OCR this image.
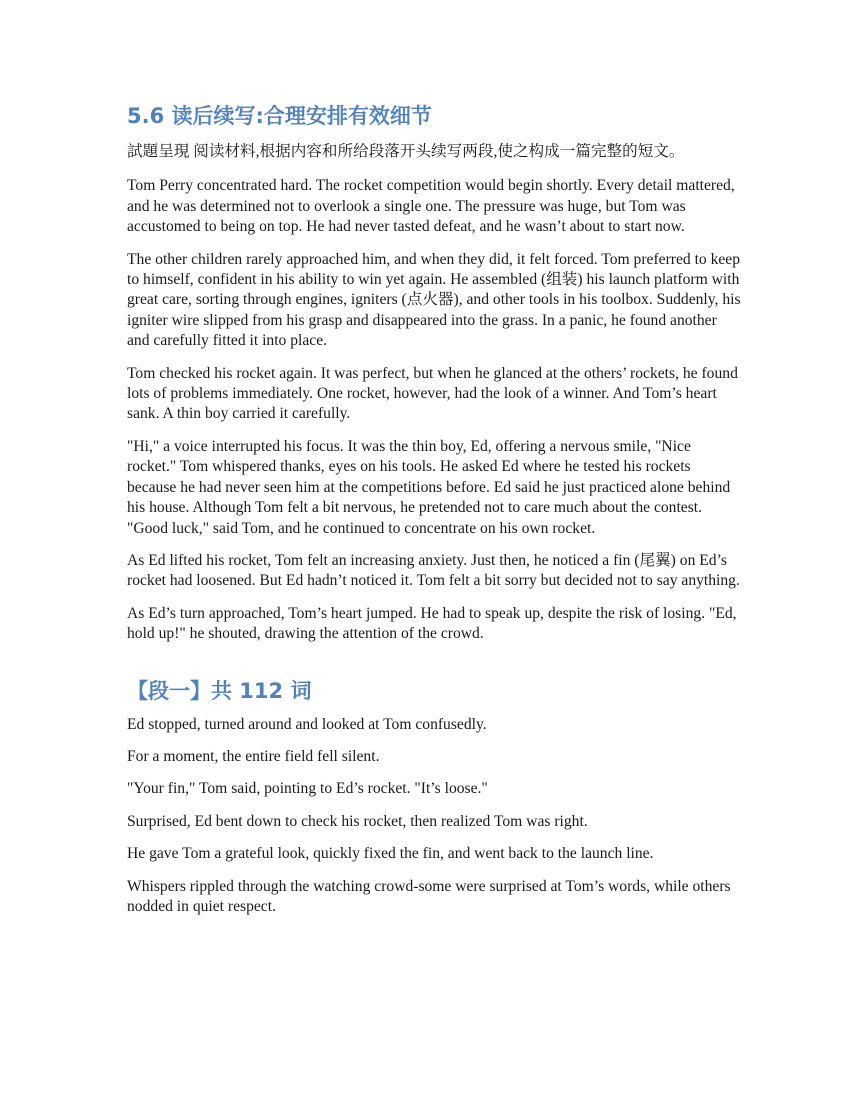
5.6 读后续写:合理安排有效细节

試題呈現 阅读材料,根据内容和所给段落开头续写两段,使之构成一篇完整的短文。

Tom Perry concentrated hard. The rocket competition would begin shortly. Every detail mattered, and he was determined not to overlook a single one. The pressure was huge, but Tom was accustomed to being on top. He had never tasted defeat, and he wasn’t about to start now.

The other children rarely approached him, and when they did, it felt forced. Tom preferred to keep to himself, confident in his ability to win yet again. He assembled (组装) his launch platform with great care, sorting through engines, igniters (点火器), and other tools in his toolbox. Suddenly, his igniter wire slipped from his grasp and disappeared into the grass. In a panic, he found another and carefully fitted it into place.

Tom checked his rocket again. It was perfect, but when he glanced at the others’ rockets, he found lots of problems immediately. One rocket, however, had the look of a winner. And Tom’s heart sank. A thin boy carried it carefully.

"Hi," a voice interrupted his focus. It was the thin boy, Ed, offering a nervous smile, "Nice rocket." Tom whispered thanks, eyes on his tools. He asked Ed where he tested his rockets because he had never seen him at the competitions before. Ed said he just practiced alone behind his house. Although Tom felt a bit nervous, he pretended not to care much about the contest. "Good luck," said Tom, and he continued to concentrate on his own rocket.

As Ed lifted his rocket, Tom felt an increasing anxiety. Just then, he noticed a fin (尾翼) on Ed’s rocket had loosened. But Ed hadn’t noticed it. Tom felt a bit sorry but decided not to say anything.

As Ed’s turn approached, Tom’s heart jumped. He had to speak up, despite the risk of losing. "Ed, hold up!" he shouted, drawing the attention of the crowd.

【段一】共 112 词

Ed stopped, turned around and looked at Tom confusedly.

For a moment, the entire field fell silent.

"Your fin," Tom said, pointing to Ed’s rocket. "It’s loose."

Surprised, Ed bent down to check his rocket, then realized Tom was right.

He gave Tom a grateful look, quickly fixed the fin, and went back to the launch line.

Whispers rippled through the watching crowd-some were surprised at Tom’s words, while others nodded in quiet respect.
